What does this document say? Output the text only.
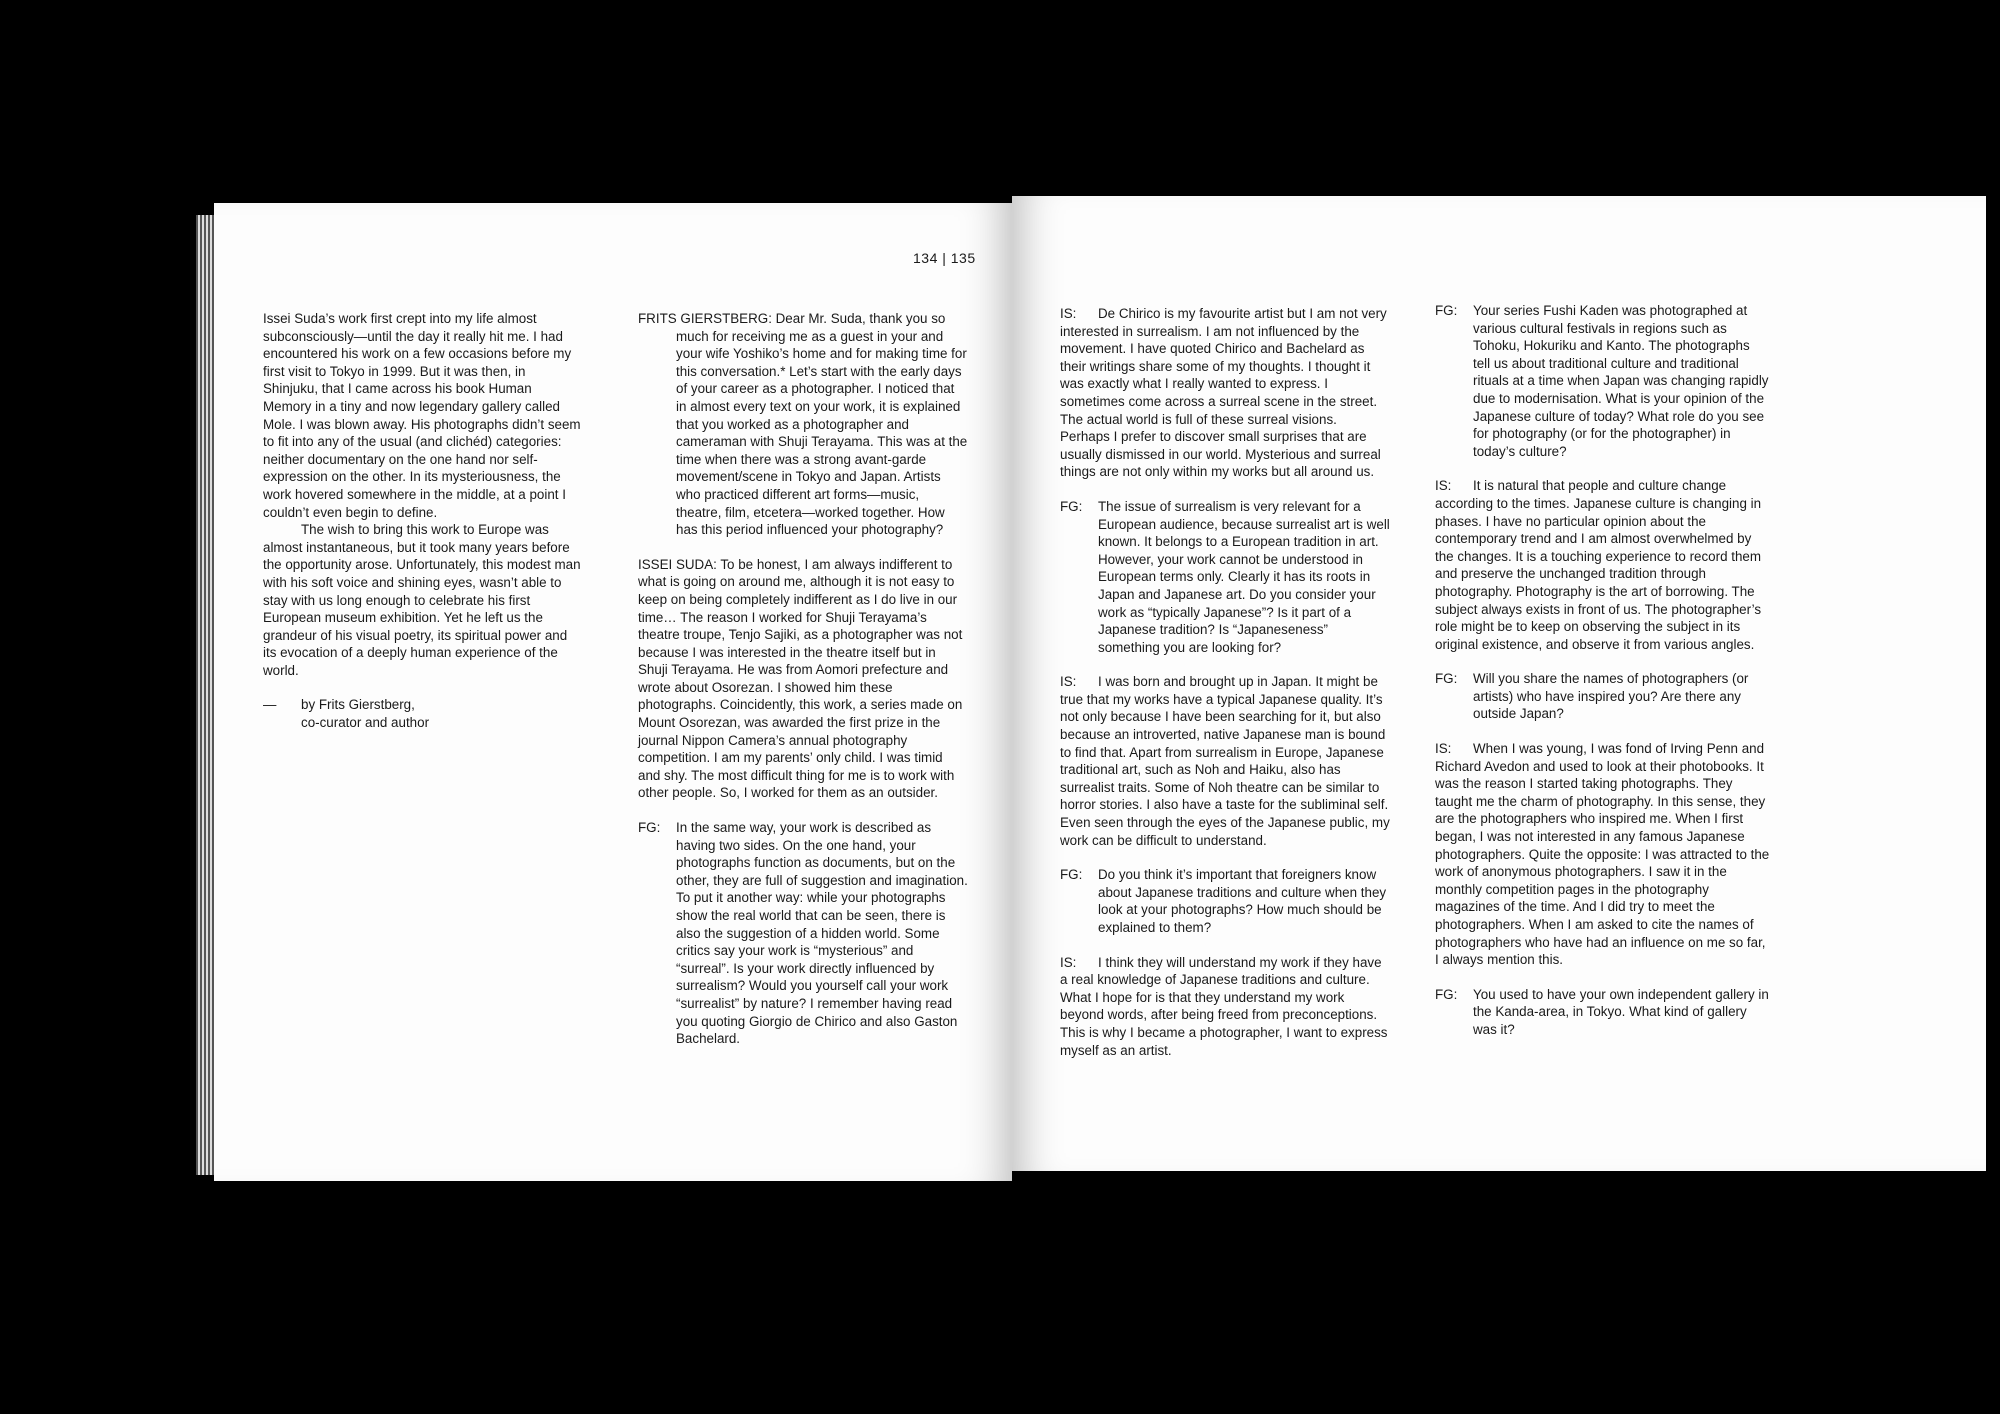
134 | 135

Issei Suda’s work first crept into my life almost subconsciously—until the day it really hit me. I had encountered his work on a few occasions before my first visit to Tokyo in 1999. But it was then, in Shinjuku, that I came across his book Human Memory in a tiny and now legendary gallery called Mole. I was blown away. His photographs didn’t seem to fit into any of the usual (and clichéd) categories: neither documentary on the one hand nor self-expression on the other. In its mysteriousness, the work hovered somewhere in the middle, at a point I couldn’t even begin to define.

The wish to bring this work to Europe was almost instantaneous, but it took many years before the opportunity arose. Unfortunately, this modest man with his soft voice and shining eyes, wasn’t able to stay with us long enough to celebrate his first European museum exhibition. Yet he left us the grandeur of his visual poetry, its spiritual power and its evocation of a deeply human experience of the world.

— by Frits Gierstberg,
co-curator and author

FRITS GIERSTBERG: Dear Mr. Suda, thank you so much for receiving me as a guest in your and your wife Yoshiko’s home and for making time for this conversation.* Let’s start with the early days of your career as a photographer. I noticed that in almost every text on your work, it is explained that you worked as a photographer and cameraman with Shuji Terayama. This was at the time when there was a strong avant-garde movement/scene in Tokyo and Japan. Artists who practiced different art forms—music, theatre, film, etcetera—worked together. How has this period influenced your photography?

ISSEI SUDA: To be honest, I am always indifferent to what is going on around me, although it is not easy to keep on being completely indifferent as I do live in our time… The reason I worked for Shuji Terayama’s theatre troupe, Tenjo Sajiki, as a photographer was not because I was interested in the theatre itself but in Shuji Terayama. He was from Aomori prefecture and wrote about Osorezan. I showed him these photographs. Coincidently, this work, a series made on Mount Osorezan, was awarded the first prize in the journal Nippon Camera’s annual photography competition. I am my parents’ only child. I was timid and shy. The most difficult thing for me is to work with other people. So, I worked for them as an outsider.

FG: In the same way, your work is described as having two sides. On the one hand, your photographs function as documents, but on the other, they are full of suggestion and imagination. To put it another way: while your photographs show the real world that can be seen, there is also the suggestion of a hidden world. Some critics say your work is “mysterious” and “surreal”. Is your work directly influenced by surrealism? Would you yourself call your work “surrealist” by nature? I remember having read you quoting Giorgio de Chirico and also Gaston Bachelard.

IS: De Chirico is my favourite artist but I am not very interested in surrealism. I am not influenced by the movement. I have quoted Chirico and Bachelard as their writings share some of my thoughts. I thought it was exactly what I really wanted to express. I sometimes come across a surreal scene in the street. The actual world is full of these surreal visions. Perhaps I prefer to discover small surprises that are usually dismissed in our world. Mysterious and surreal things are not only within my works but all around us.

FG: The issue of surrealism is very relevant for a European audience, because surrealist art is well known. It belongs to a European tradition in art. However, your work cannot be understood in European terms only. Clearly it has its roots in Japan and Japanese art. Do you consider your work as “typically Japanese”? Is it part of a Japanese tradition? Is “Japaneseness” something you are looking for?

IS: I was born and brought up in Japan. It might be true that my works have a typical Japanese quality. It’s not only because I have been searching for it, but also because an introverted, native Japanese man is bound to find that. Apart from surrealism in Europe, Japanese traditional art, such as Noh and Haiku, also has surrealist traits. Some of Noh theatre can be similar to horror stories. I also have a taste for the subliminal self. Even seen through the eyes of the Japanese public, my work can be difficult to understand.

FG: Do you think it’s important that foreigners know about Japanese traditions and culture when they look at your photographs? How much should be explained to them?

IS: I think they will understand my work if they have a real knowledge of Japanese traditions and culture. What I hope for is that they understand my work beyond words, after being freed from preconceptions. This is why I became a photographer, I want to express myself as an artist.

FG: Your series Fushi Kaden was photographed at various cultural festivals in regions such as Tohoku, Hokuriku and Kanto. The photographs tell us about traditional culture and traditional rituals at a time when Japan was changing rapidly due to modernisation. What is your opinion of the Japanese culture of today? What role do you see for photography (or for the photographer) in today’s culture?

IS: It is natural that people and culture change according to the times. Japanese culture is changing in phases. I have no particular opinion about the contemporary trend and I am almost overwhelmed by the changes. It is a touching experience to record them and preserve the unchanged tradition through photography. Photography is the art of borrowing. The subject always exists in front of us. The photographer’s role might be to keep on observing the subject in its original existence, and observe it from various angles.

FG: Will you share the names of photographers (or artists) who have inspired you? Are there any outside Japan?

IS: When I was young, I was fond of Irving Penn and Richard Avedon and used to look at their photobooks. It was the reason I started taking photographs. They taught me the charm of photography. In this sense, they are the photographers who inspired me. When I first began, I was not interested in any famous Japanese photographers. Quite the opposite: I was attracted to the work of anonymous photographers. I saw it in the monthly competition pages in the photography magazines of the time. And I did try to meet the photographers. When I am asked to cite the names of photographers who have had an influence on me so far, I always mention this.

FG: You used to have your own independent gallery in the Kanda-area, in Tokyo. What kind of gallery was it?
